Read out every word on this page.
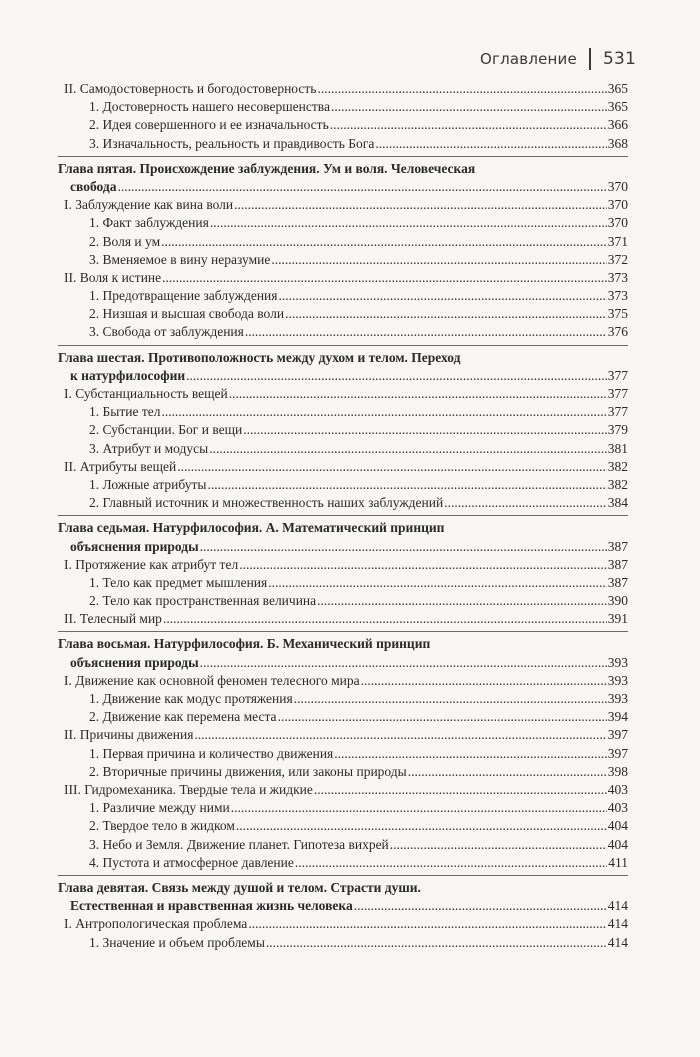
Оглавление 531
II. Самодостоверность и богодостоверность .....	365
1. Достоверность нашего несовершенства .....	365
2. Идея совершенного и ее изначальность .....	366
3. Изначальность, реальность и правдивость Бога .....	368
Глава пятая. Происхождение заблуждения. Ум и воля. Человеческая
свобода .....	370
I. Заблуждение как вина воли .....	370
1. Факт заблуждения .....	370
2. Воля и ум .....	371
3. Вменяемое в вину неразумие .....	372
II. Воля к истине .....	373
1. Предотвращение заблуждения .....	373
2. Низшая и высшая свобода воли .....	375
3. Свобода от заблуждения .....	376
Глава шестая. Противоположность между духом и телом. Переход
к натурфилософии .....	377
I. Субстанциальность вещей .....	377
1. Бытие тел .....	377
2. Субстанции. Бог и вещи .....	379
3. Атрибут и модусы .....	381
II. Атрибуты вещей .....	382
1. Ложные атрибуты .....	382
2. Главный источник и множественность наших заблуждений .....	384
Глава седьмая. Натурфилософия. А. Математический принцип
объяснения природы .....	387
I. Протяжение как атрибут тел .....	387
1. Тело как предмет мышления .....	387
2. Тело как пространственная величина .....	390
II. Телесный мир .....	391
Глава восьмая. Натурфилософия. Б. Механический принцип
объяснения природы .....	393
I. Движение как основной феномен телесного мира .....	393
1. Движение как модус протяжения .....	393
2. Движение как перемена места .....	394
II. Причины движения .....	397
1. Первая причина и количество движения .....	397
2. Вторичные причины движения, или законы природы .....	398
III. Гидромеханика. Твердые тела и жидкие .....	403
1. Различие между ними .....	403
2. Твердое тело в жидком .....	404
3. Небо и Земля. Движение планет. Гипотеза вихрей .....	404
4. Пустота и атмосферное давление .....	411
Глава девятая. Связь между душой и телом. Страсти души.
Естественная и нравственная жизнь человека .....	414
I. Антропологическая проблема .....	414
1. Значение и объем проблемы .....	414
